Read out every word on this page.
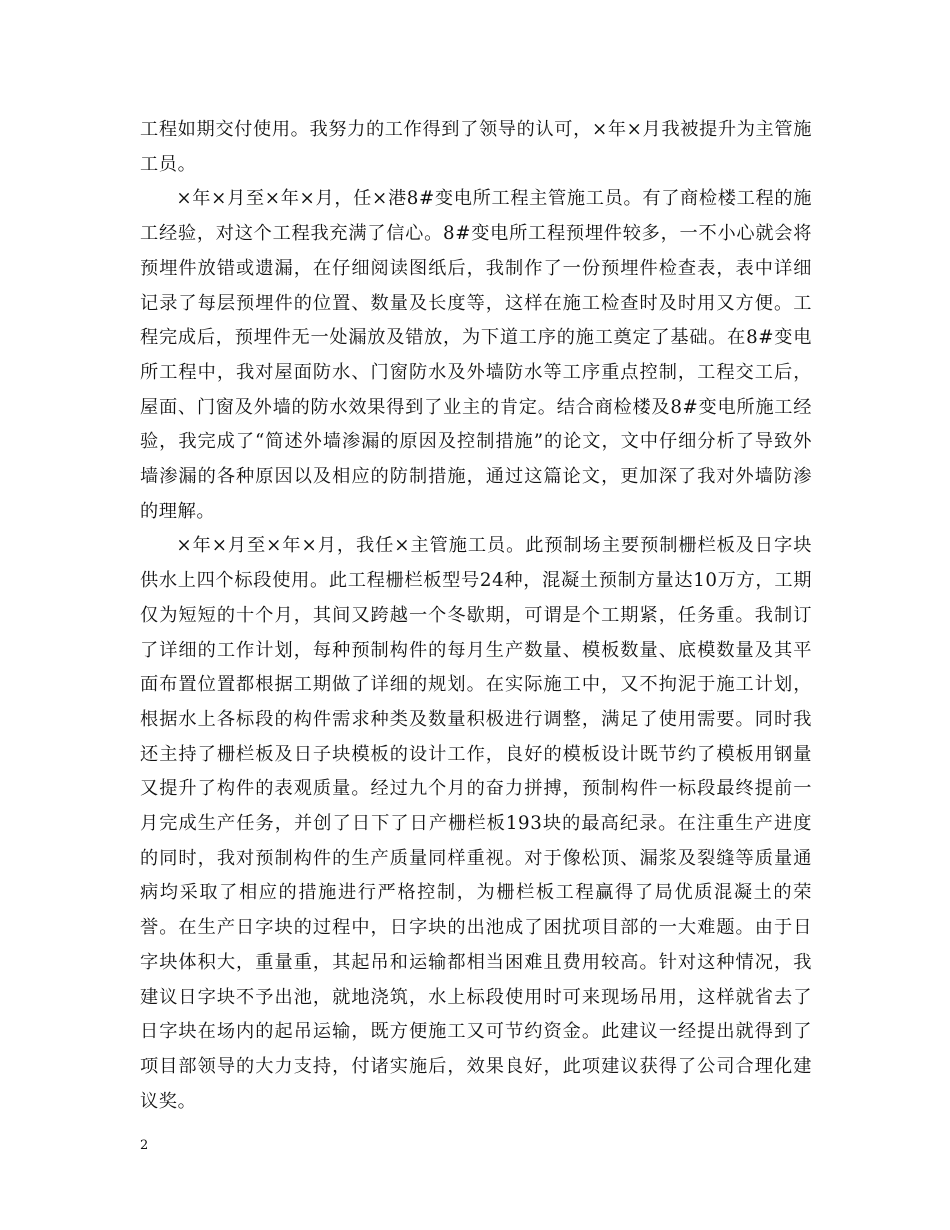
工程如期交付使用。我努力的工作得到了领导的认可，×年×月我被提升为主管施工员。

×年×月至×年×月，任×港8#变电所工程主管施工员。有了商检楼工程的施工经验，对这个工程我充满了信心。8#变电所工程预埋件较多，一不小心就会将预埋件放错或遗漏，在仔细阅读图纸后，我制作了一份预埋件检查表，表中详细记录了每层预埋件的位置、数量及长度等，这样在施工检查时及时用又方便。工程完成后，预埋件无一处漏放及错放，为下道工序的施工奠定了基础。在8#变电所工程中，我对屋面防水、门窗防水及外墙防水等工序重点控制，工程交工后，屋面、门窗及外墙的防水效果得到了业主的肯定。结合商检楼及8#变电所施工经验，我完成了“简述外墙渗漏的原因及控制措施”的论文，文中仔细分析了导致外墙渗漏的各种原因以及相应的防制措施，通过这篇论文，更加深了我对外墙防渗的理解。

×年×月至×年×月，我任×主管施工员。此预制场主要预制栅栏板及日字块供水上四个标段使用。此工程栅栏板型号24种，混凝土预制方量达10万方，工期仅为短短的十个月，其间又跨越一个冬歇期，可谓是个工期紧，任务重。我制订了详细的工作计划，每种预制构件的每月生产数量、模板数量、底模数量及其平面布置位置都根据工期做了详细的规划。在实际施工中，又不拘泥于施工计划，根据水上各标段的构件需求种类及数量积极进行调整，满足了使用需要。同时我还主持了栅栏板及日子块模板的设计工作，良好的模板设计既节约了模板用钢量又提升了构件的表观质量。经过九个月的奋力拼搏，预制构件一标段最终提前一月完成生产任务，并创了日下了日产栅栏板193块的最高纪录。在注重生产进度的同时，我对预制构件的生产质量同样重视。对于像松顶、漏浆及裂缝等质量通病均采取了相应的措施进行严格控制，为栅栏板工程赢得了局优质混凝土的荣誉。在生产日字块的过程中，日字块的出池成了困扰项目部的一大难题。由于日字块体积大，重量重，其起吊和运输都相当困难且费用较高。针对这种情况，我建议日字块不予出池，就地浇筑，水上标段使用时可来现场吊用，这样就省去了日字块在场内的起吊运输，既方便施工又可节约资金。此建议一经提出就得到了项目部领导的大力支持，付诸实施后，效果良好，此项建议获得了公司合理化建议奖。

2
